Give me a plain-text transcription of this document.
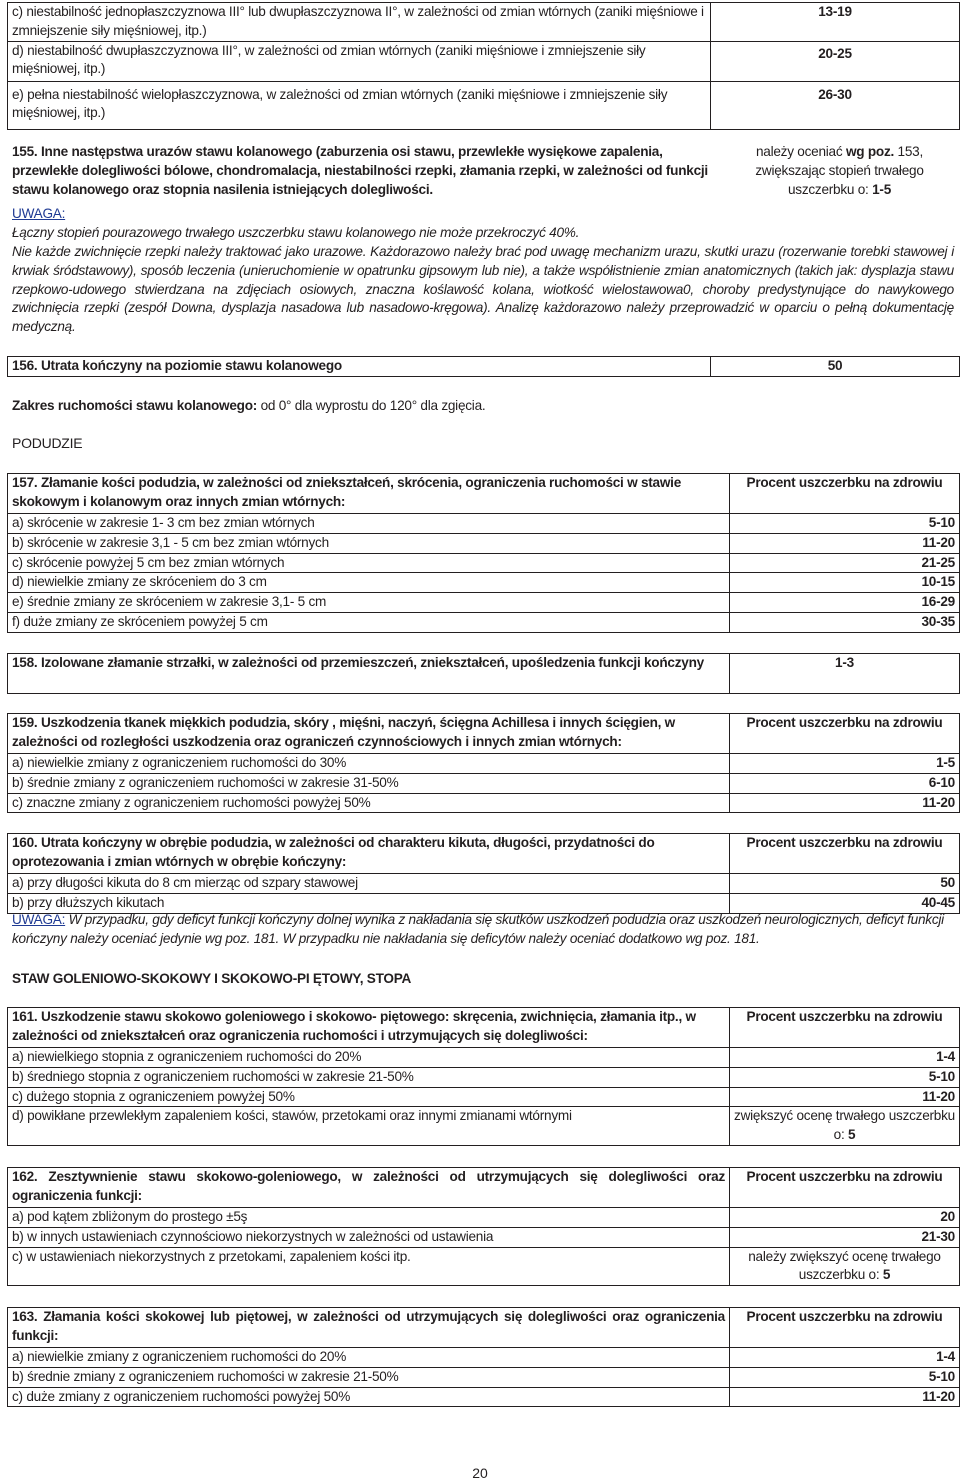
c) niestabilność jednopłaszczyznowa III° lub dwupłaszczyznowa II°, w zależności od zmian wtórnych (zaniki mięśniowe i zmniejszenie siły mięśniowej, itp.)	13-19
d) niestabilność dwupłaszczyznowa III°, w zależności od zmian wtórnych (zaniki mięśniowe i zmniejszenie siły mięśniowej, itp.)	20-25
e) pełna niestabilność wielopłaszczyznowa, w zależności od zmian wtórnych (zaniki mięśniowe i zmniejszenie siły mięśniowej, itp.)	26-30
155. Inne następstwa urazów stawu kolanowego (zaburzenia osi stawu, przewlekłe wysiękowe zapalenia, przewlekłe dolegliwości bólowe, chondromalacja, niestabilności rzepki, złamania rzepki, w zależności od funkcji stawu kolanowego oraz stopnia nasilenia istniejących dolegliwości.
należy oceniać wg poz. 153, zwiększając stopień trwałego uszczerbku o: 1-5
UWAGA:
Łączny stopień pourazowego trwałego uszczerbku stawu kolanowego nie może przekroczyć 40%.
Nie każde zwichnięcie rzepki należy traktować jako urazowe. Każdorazowo należy brać pod uwagę mechanizm urazu, skutki urazu (rozerwanie torebki stawowej i krwiak śródstawowy), sposób leczenia (unieruchomienie w opatrunku gipsowym lub nie), a także współistnienie zmian anatomicznych (takich jak: dysplazja stawu rzepkowo-udowego stwierdzana na zdjęciach osiowych, znaczna koślawość kolana, wiotkość wielostawowa0, choroby predystynujące do nawykowego zwichnięcia rzepki (zespół Downa, dysplazja nasadowa lub nasadowo-kręgowa). Analizę każdorazowo należy przeprowadzić w oparciu o pełną dokumentację medyczną.
156. Utrata kończyny na poziomie stawu kolanowego	50
Zakres ruchomości stawu kolanowego: od 0° dla wyprostu do 120° dla zgięcia.
PODUDZIE
157. Złamanie kości podudzia, w zależności od zniekształceń, skrócenia, ograniczenia ruchomości w stawie skokowym i kolanowym oraz innych zmian wtórnych:	Procent uszczerbku na zdrowiu
a) skrócenie w zakresie 1- 3 cm bez zmian wtórnych	5-10
b) skrócenie w zakresie 3,1 - 5 cm bez zmian wtórnych	11-20
c) skrócenie powyżej 5 cm bez zmian wtórnych	21-25
d) niewielkie zmiany ze skróceniem do 3 cm	10-15
e) średnie zmiany ze skróceniem w zakresie 3,1- 5 cm	16-29
f) duże zmiany ze skróceniem powyżej 5 cm	30-35
158. Izolowane złamanie strzałki, w zależności od przemieszczeń, zniekształceń, upośledzenia funkcji kończyny	1-3
159. Uszkodzenia tkanek miękkich podudzia, skóry , mięśni, naczyń, ścięgna Achillesa i innych ścięgien, w zależności od rozległości uszkodzenia oraz ograniczeń czynnościowych i innych zmian wtórnych:	Procent uszczerbku na zdrowiu
a) niewielkie zmiany z ograniczeniem ruchomości do 30%	1-5
b) średnie zmiany z ograniczeniem ruchomości w zakresie 31-50%	6-10
c) znaczne zmiany z ograniczeniem ruchomości powyżej 50%	11-20
160. Utrata kończyny w obrębie podudzia, w zależności od charakteru kikuta, długości, przydatności do oprotezowania i zmian wtórnych w obrębie kończyny:	Procent uszczerbku na zdrowiu
a) przy długości kikuta do 8 cm mierząc od szpary stawowej	50
b) przy dłuższych kikutach	40-45
UWAGA: W przypadku, gdy deficyt funkcji kończyny dolnej wynika z nakładania się skutków uszkodzeń podudzia oraz uszkodzeń neurologicznych, deficyt funkcji kończyny należy oceniać jedynie wg poz. 181. W przypadku nie nakładania się deficytów należy oceniać dodatkowo wg poz. 181.
STAW GOLENIOWO-SKOKOWY I SKOKOWO-PI ĘTOWY, STOPA
161. Uszkodzenie stawu skokowo goleniowego i skokowo- piętowego: skręcenia, zwichnięcia, złamania itp., w zależności od zniekształceń oraz ograniczenia ruchomości i utrzymujących się dolegliwości:	Procent uszczerbku na zdrowiu
a) niewielkiego stopnia z ograniczeniem ruchomości do 20%	1-4
b) średniego stopnia z ograniczeniem ruchomości w zakresie 21-50%	5-10
c) dużego stopnia z ograniczeniem powyżej 50%	11-20
d) powikłane przewlekłym zapaleniem kości, stawów, przetokami oraz innymi zmianami wtórnymi	zwiększyć ocenę trwałego uszczerbku o: 5
162. Zesztywnienie stawu skokowo-goleniowego, w zależności od utrzymujących się dolegliwości oraz ograniczenia funkcji:	Procent uszczerbku na zdrowiu
a) pod kątem zbliżonym do prostego ±5ş	20
b) w innych ustawieniach czynnościowo niekorzystnych w zależności od ustawienia	21-30
c) w ustawieniach niekorzystnych z przetokami, zapaleniem kości itp.	należy zwiększyć ocenę trwałego uszczerbku o: 5
163. Złamania kości skokowej lub piętowej, w zależności od utrzymujących się dolegliwości oraz ograniczenia funkcji:	Procent uszczerbku na zdrowiu
a) niewielkie zmiany z ograniczeniem ruchomości do 20%	1-4
b) średnie zmiany z ograniczeniem ruchomości w zakresie 21-50%	5-10
c) duże zmiany z ograniczeniem ruchomości powyżej 50%	11-20
20
